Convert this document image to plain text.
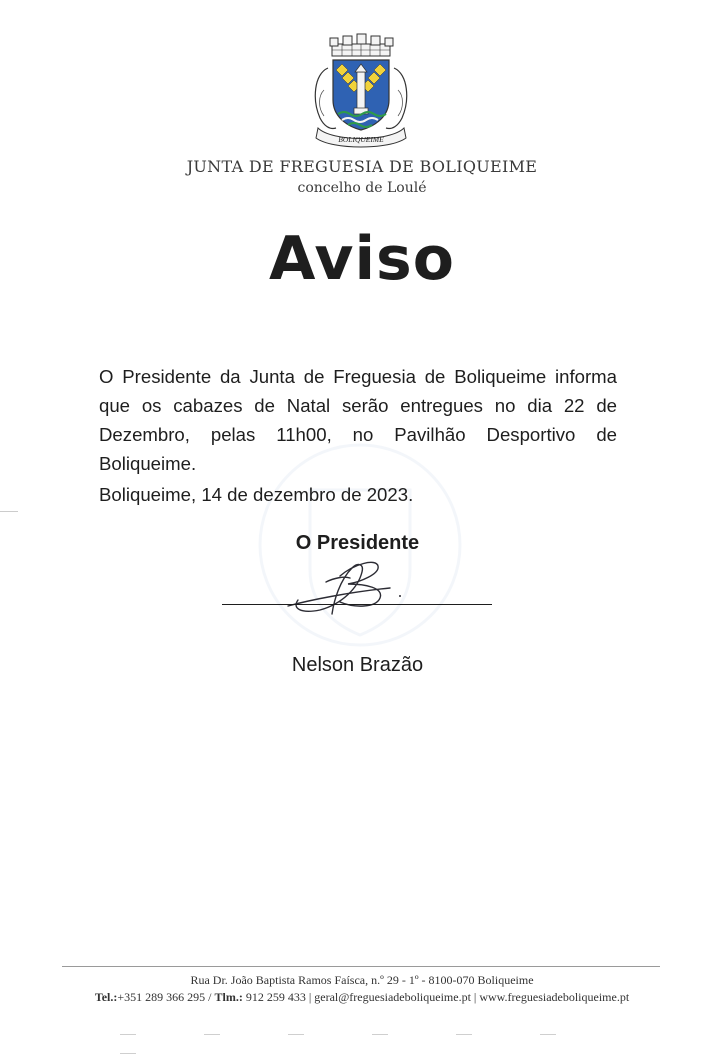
BOLIQUEIME
JUNTA DE FREGUESIA DE BOLIQUEIME
concelho de Loulé
Aviso
O Presidente da Junta de Freguesia de Boliqueime informa que os cabazes de Natal serão entregues no dia 22 de Dezembro, pelas 11h00, no Pavilhão Desportivo de Boliqueime.
Boliqueime, 14 de dezembro de 2023.
O Presidente
Nelson Brazão
Rua Dr. João Baptista Ramos Faísca, n.º 29 - 1º - 8100-070 Boliqueime
Tel.:+351 289 366 295 / Tlm.: 912 259 433 | geral@freguesiadeboliqueime.pt | www.freguesiadeboliqueime.pt
